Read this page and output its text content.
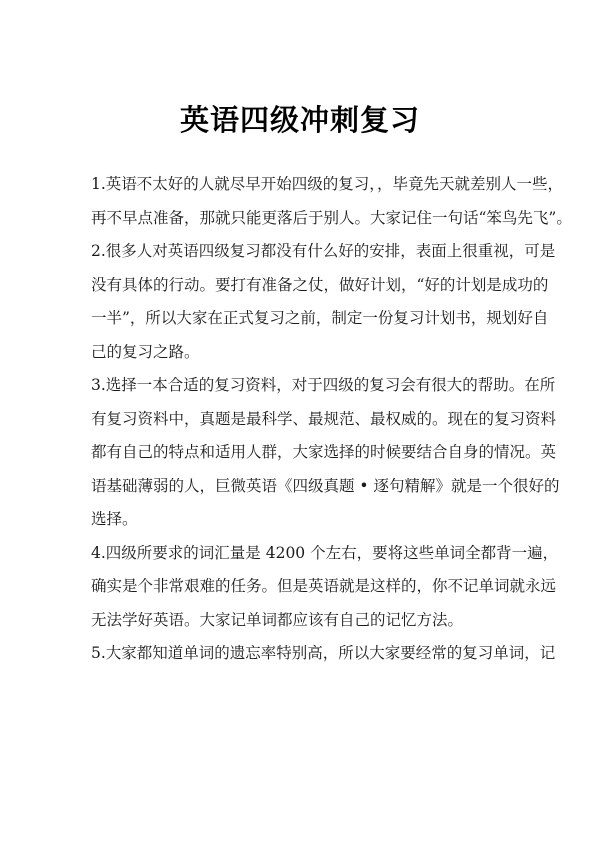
英语四级冲刺复习

1.英语不太好的人就尽早开始四级的复习，，毕竟先天就差别人一些，
再不早点准备，那就只能更落后于别人。大家记住一句话“笨鸟先飞”。

2.很多人对英语四级复习都没有什么好的安排，表面上很重视，可是
没有具体的行动。要打有准备之仗，做好计划，“好的计划是成功的
一半”，所以大家在正式复习之前，制定一份复习计划书，规划好自
己的复习之路。

3.选择一本合适的复习资料，对于四级的复习会有很大的帮助。在所
有复习资料中，真题是最科学、最规范、最权威的。现在的复习资料
都有自己的特点和适用人群，大家选择的时候要结合自身的情况。英
语基础薄弱的人，巨微英语《四级真题 • 逐句精解》就是一个很好的
选择。

4.四级所要求的词汇量是 4200 个左右，要将这些单词全都背一遍，
确实是个非常艰难的任务。但是英语就是这样的，你不记单词就永远
无法学好英语。大家记单词都应该有自己的记忆方法。

5.大家都知道单词的遗忘率特别高，所以大家要经常的复习单词，记
